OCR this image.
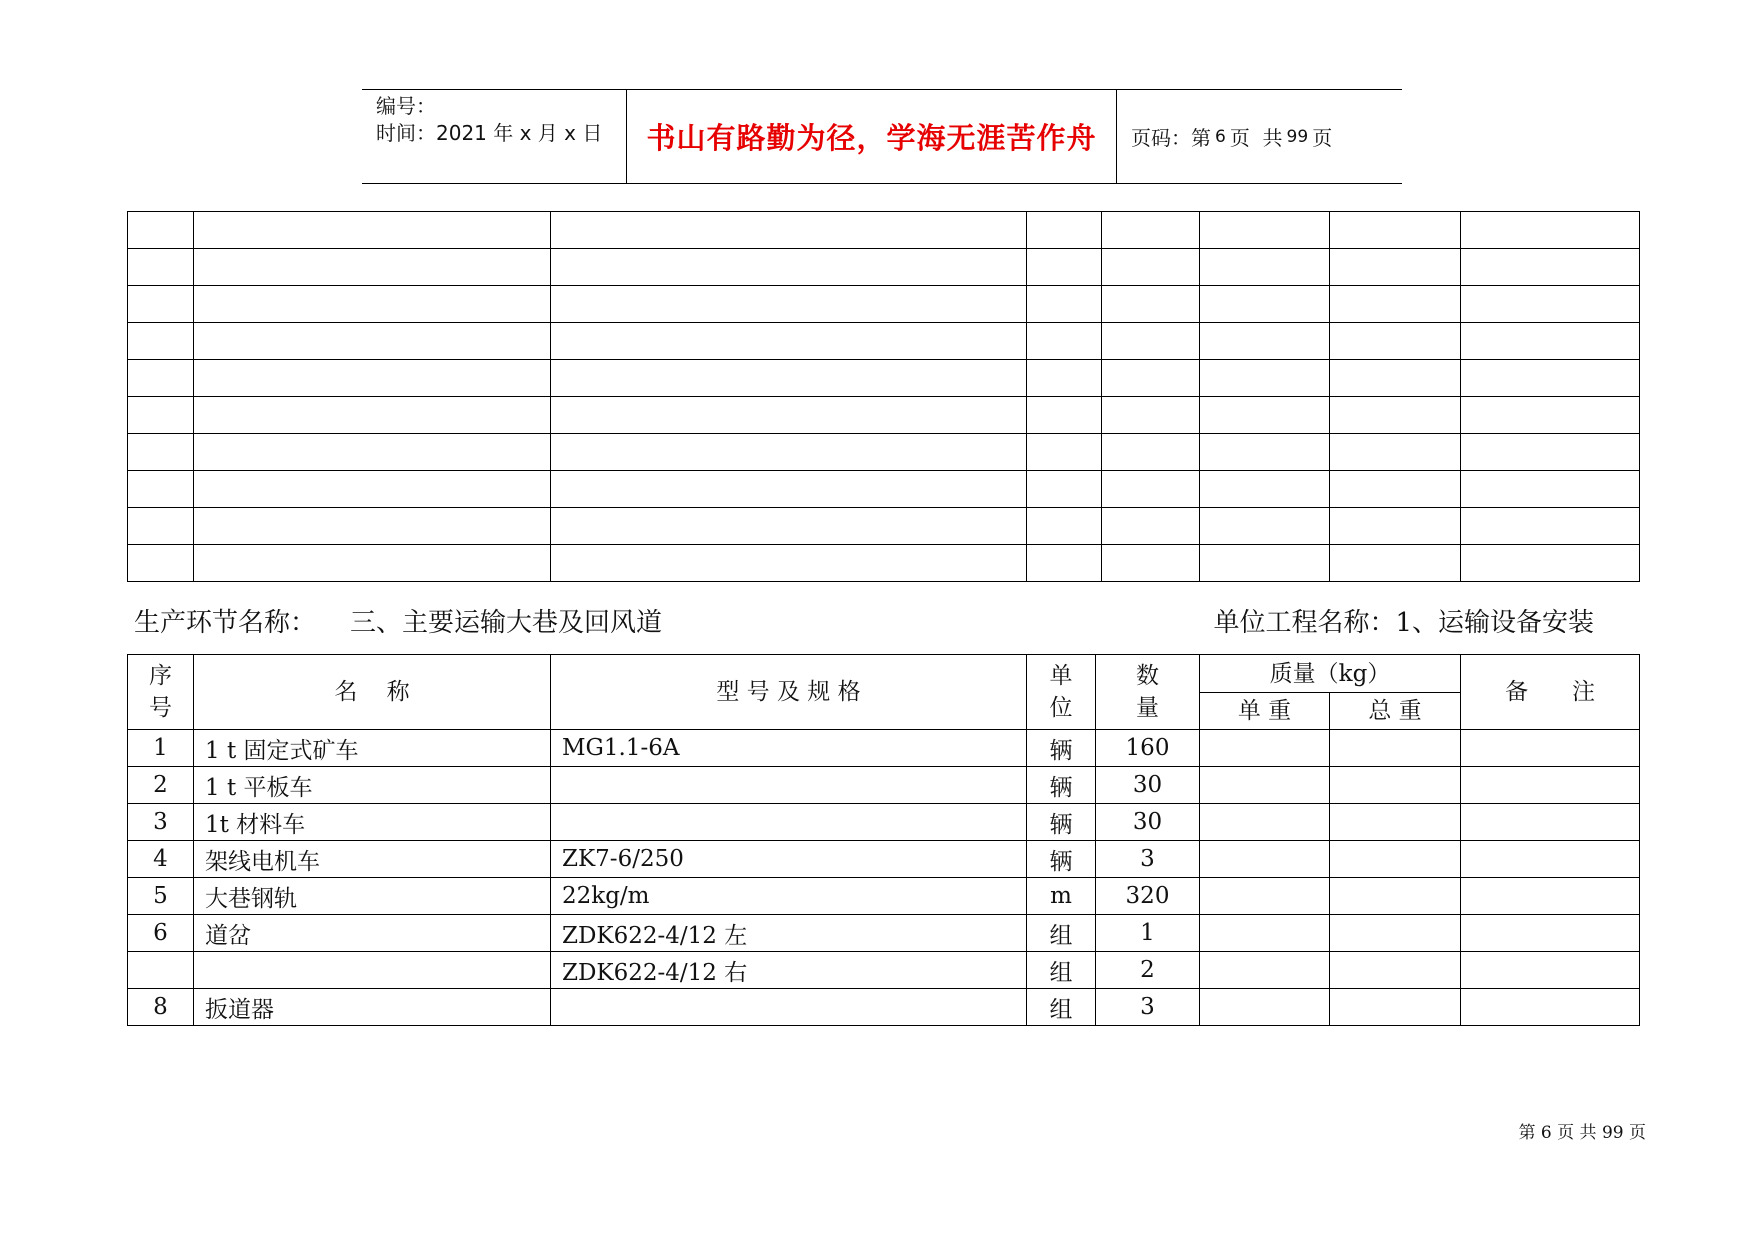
编号：
时间：2021 年 x 月 x 日	书山有路勤为径，学海无涯苦作舟	页码：第 6 页  共 99 页

生产环节名称： 三、主要运输大巷及回风道	单位工程名称：1、运输设备安装
序号	名    称	型 号 及 规 格	单位	数量	质量（kg）		备      注
					单 重	总 重	
1	1 t 固定式矿车	MG1.1-6A	辆	160			
2	1 t 平板车		辆	30			
3	1t 材料车		辆	30			
4	架线电机车	ZK7-6/250	辆	3			
5	大巷钢轨	22kg/m	m	320			
6	道岔	ZDK622-4/12 左	组	1			
		ZDK622-4/12 右	组	2			
8	扳道器		组	3			
第 6 页 共 99 页
